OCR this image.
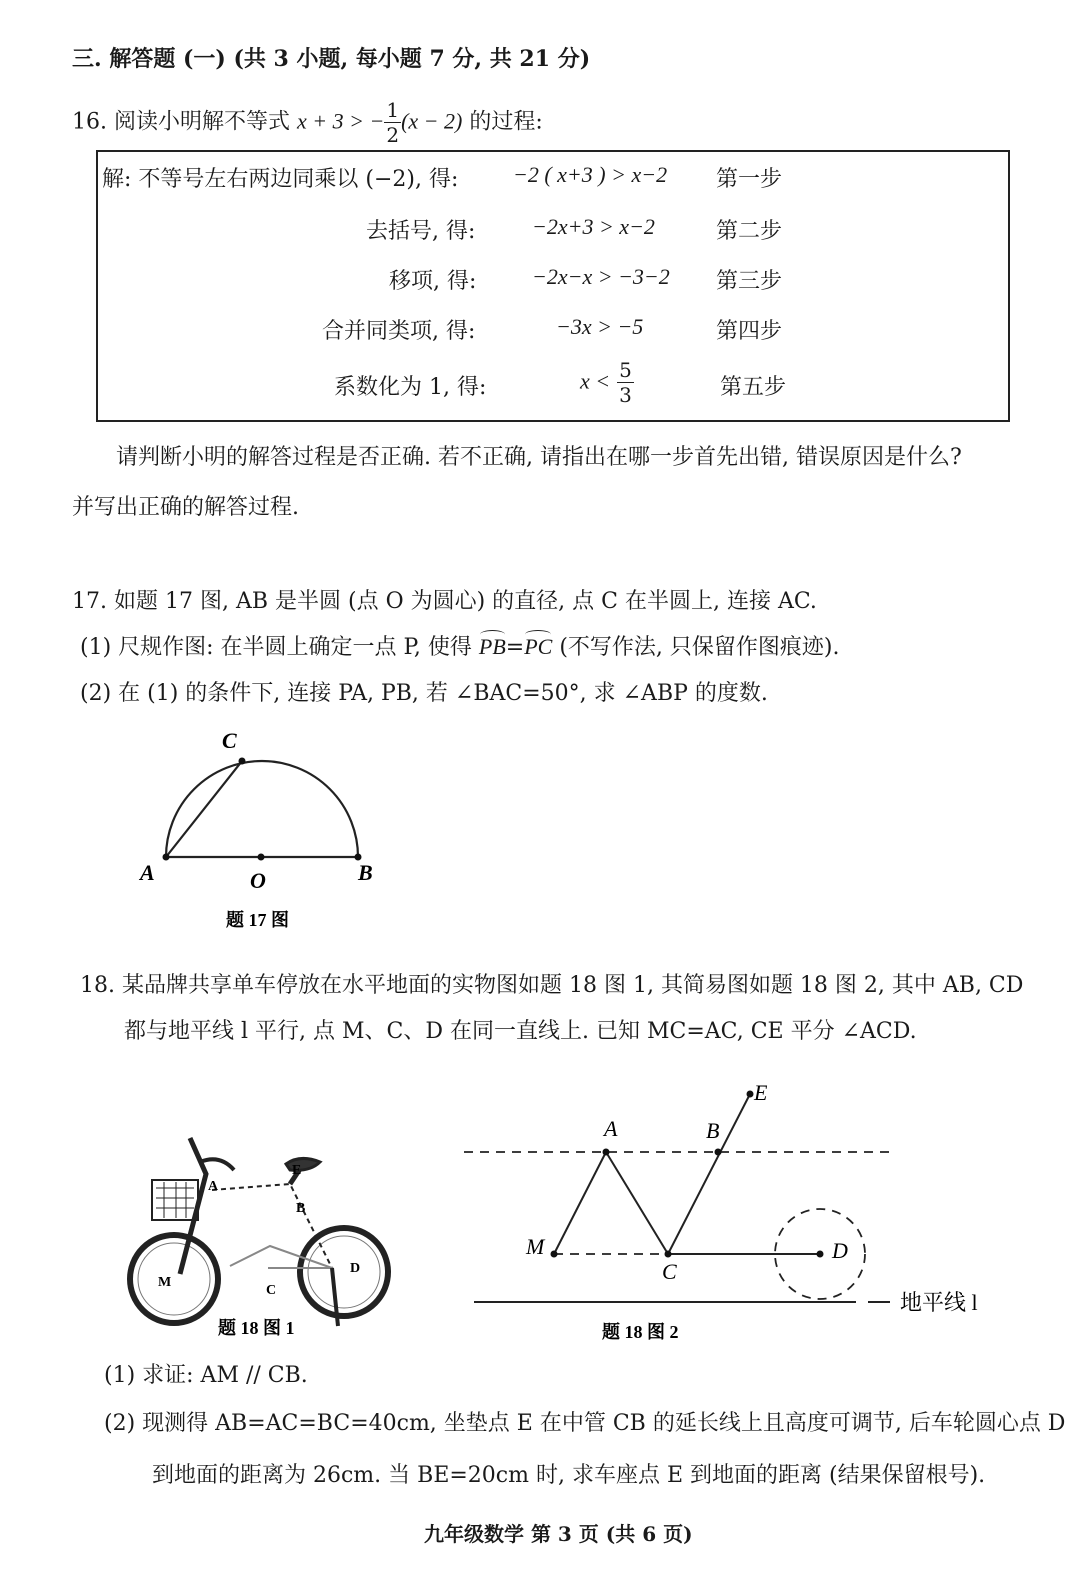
三. 解答题 (一) (共 3 小题, 每小题 7 分, 共 21 分)
16. 阅读小明解不等式 x + 3 > − $\frac{1}{2} (x - 2)$ 的过程:
解: 不等号左右两边同乘以 (−2), 得: −2 ( x+3 ) > x−2 第一步
去括号, 得:	−2x+3 > x−2	第二步
移项, 得:	−2x−x > −3−2 第三步
合并同类项, 得:	−3x > −5	第四步
系数化为 1, 得:	$x < \frac{5}{3}$	第五步
请判断小明的解答过程是否正确. 若不正确, 请指出在哪一步首先出错, 错误原因是什么?
并写出正确的解答过程.
17. 如题 17 图, AB 是半圆 (点 O 为圆心) 的直径, 点 C 在半圆上, 连接 AC.
(1) 尺规作图: 在半圆上确定一点 P, 使得 PB=PC (不写作法, 只保留作图痕迹).
(2) 在 (1) 的条件下, 连接 PA, PB, 若 ∠BAC=50°, 求 ∠ABP 的度数.
C
A	O	B
题 17 图
18. 某品牌共享单车停放在水平地面的实物图如题 18 图 1, 其简易图如题 18 图 2, 其中 AB, CD
都与地平线 l 平行, 点 M、C、D 在同一直线上. 已知 MC=AC, CE 平分 ∠ACD.
A
E
B
M
C
D
题 18 图 1
A	B
E
M
C
D
地平线 l
题 18 图 2
(1) 求证: AM // CB.
(2) 现测得 AB=AC=BC=40cm, 坐垫点 E 在中管 CB 的延长线上且高度可调节, 后车轮圆心点 D
到地面的距离为 26cm. 当 BE=20cm 时, 求车座点 E 到地面的距离 (结果保留根号).
九年级数学 第 3 页 (共 6 页)
